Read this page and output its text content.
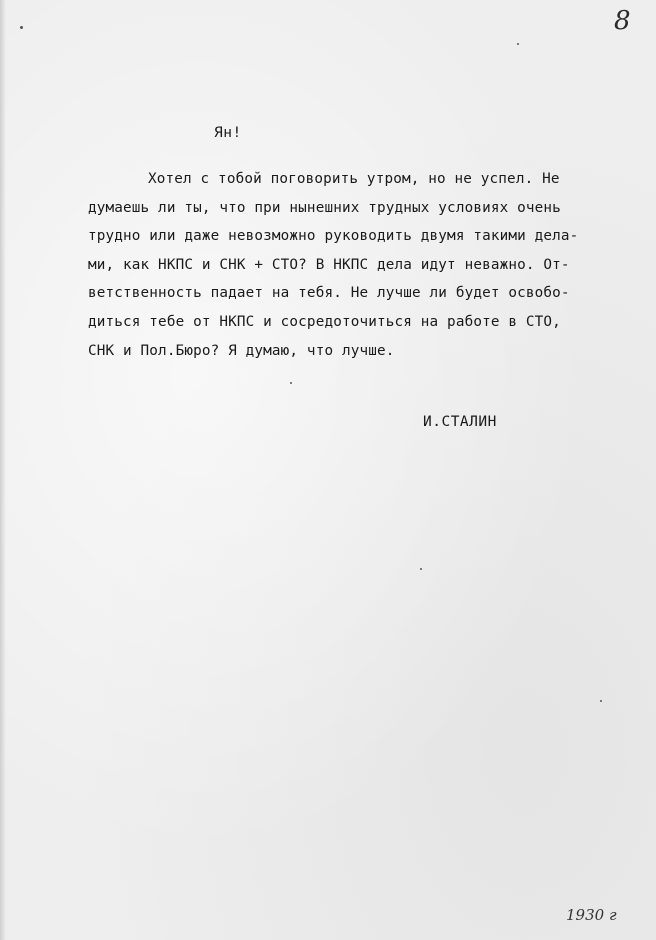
8
Ян!
Хотел с тобой поговорить утром, но не успел. Не
думаешь ли ты, что при нынешних трудных условиях очень
трудно или даже невозможно руководить двумя такими дела-
ми, как НКПС и СНК + СТО? В НКПС дела идут неважно. От-
ветственность падает на тебя. Не лучше ли будет освобо-
диться тебе от НКПС и сосредоточиться на работе в СТО,
СНК и Пол.Бюро? Я думаю, что лучше.
И.СТАЛИН
1930 г
